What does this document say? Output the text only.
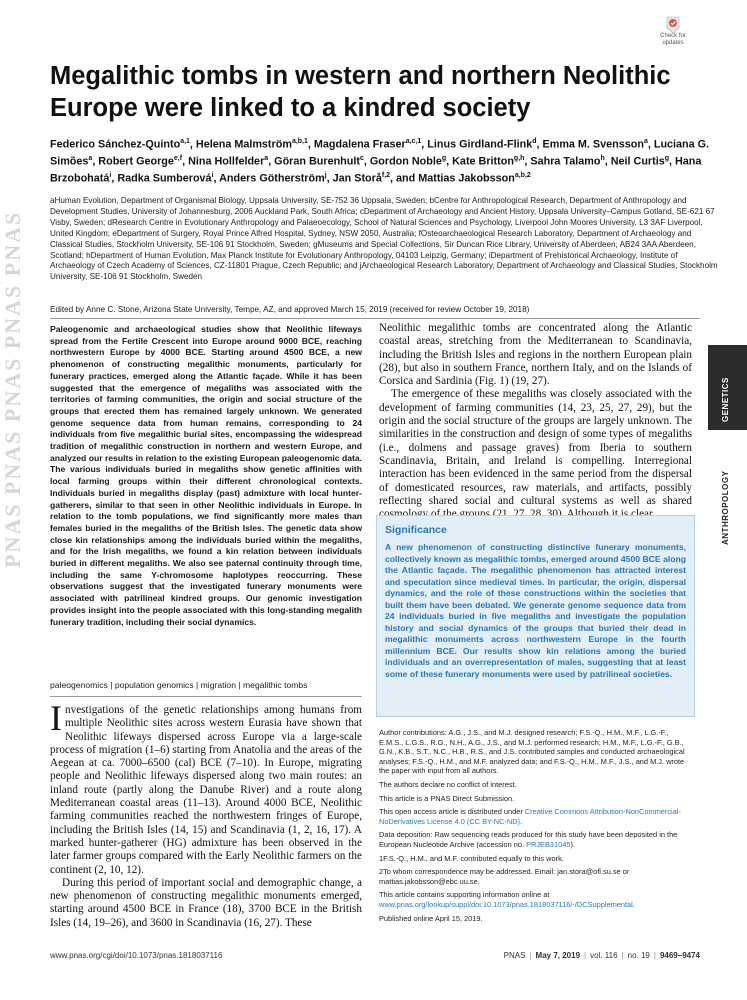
PNAS PNAS PNAS PNAS PNAS
Check for
updates
Megalithic tombs in western and northern Neolithic Europe were linked to a kindred society
Federico Sánchez-Quinto$^{a,1}$, Helena Malmström$^{a,b,1}$, Magdalena Fraser$^{a,c,1}$, Linus Girdland-Flink$^d$, Emma M. Svensson$^a$, Luciana G. Simões$^a$, Robert George$^{e,f}$, Nina Hollfelder$^a$, Göran Burenhult$^c$, Gordon Noble$^g$, Kate Britton$^{g,h}$, Sahra Talamo$^h$, Neil Curtis$^g$, Hana Brzobohatá$^i$, Radka Sumberová$^i$, Anders Götherström$^j$, Jan Storå$^{f,2}$, and Mattias Jakobsson$^{a,b,2}$

aHuman Evolution, Department of Organismal Biology, Uppsala University, SE-752 36 Uppsala, Sweden; bCentre for Anthropological Research, Department of Anthropology and Development Studies, University of Johannesburg, 2006 Auckland Park, South Africa; cDepartment of Archaeology and Ancient History, Uppsala University–Campus Gotland, SE-621 67 Visby, Sweden; dResearch Centre in Evolutionary Anthropology and Palaeoecology, School of Natural Sciences and Psychology, Liverpool John Moores University, L3 3AF Liverpool, United Kingdom; eDepartment of Surgery, Royal Prince Alfred Hospital, Sydney, NSW 2050, Australia; fOsteoarchaeological Research Laboratory, Department of Archaeology and Classical Studies, Stockholm University, SE-106 91 Stockholm, Sweden; gMuseums and Special Collections, Sir Duncan Rice Library, University of Aberdeen, AB24 3AA Aberdeen, Scotland; hDepartment of Human Evolution, Max Planck Institute for Evolutionary Anthropology, 04103 Leipzig, Germany; iDepartment of Prehistorical Archaeology, Institute of Archaeology of Czech Academy of Sciences, CZ-11801 Prague, Czech Republic; and jArchaeological Research Laboratory, Department of Archaeology and Classical Studies, Stockholm University, SE-106 91 Stockholm, Sweden

Edited by Anne C. Stone, Arizona State University, Tempe, AZ, and approved March 15, 2019 (received for review October 19, 2018)

Paleogenomic and archaeological studies show that Neolithic lifeways spread from the Fertile Crescent into Europe around 9000 BCE, reaching northwestern Europe by 4000 BCE. Starting around 4500 BCE, a new phenomenon of constructing megalithic monuments, particularly for funerary practices, emerged along the Atlantic façade. While it has been suggested that the emergence of megaliths was associated with the territories of farming communities, the origin and social structure of the groups that erected them has remained largely unknown. We generated genome sequence data from human remains, corresponding to 24 individuals from five megalithic burial sites, encompassing the widespread tradition of megalithic construction in northern and western Europe, and analyzed our results in relation to the existing European paleogenomic data. The various individuals buried in megaliths show genetic affinities with local farming groups within their different chronological contexts. Individuals buried in megaliths display (past) admixture with local hunter-gatherers, similar to that seen in other Neolithic individuals in Europe. In relation to the tomb populations, we find significantly more males than females buried in the megaliths of the British Isles. The genetic data show close kin relationships among the individuals buried within the megaliths, and for the Irish megaliths, we found a kin relation between individuals buried in different megaliths. We also see paternal continuity through time, including the same Y-chromosome haplotypes reoccurring. These observations suggest that the investigated funerary monuments were associated with patrilineal kindred groups. Our genomic investigation provides insight into the people associated with this long-standing megalith funerary tradition, including their social dynamics.

paleogenomics | population genomics | migration | megalithic tombs

Investigations of the genetic relationships among humans from multiple Neolithic sites across western Eurasia have shown that Neolithic lifeways dispersed across Europe via a large-scale process of migration (1–6) starting from Anatolia and the areas of the Aegean at ca. 7000–6500 (cal) BCE (7–10). In Europe, migrating people and Neolithic lifeways dispersed along two main routes: an inland route (partly along the Danube River) and a route along Mediterranean coastal areas (11–13). Around 4000 BCE, Neolithic farming communities reached the northwestern fringes of Europe, including the British Isles (14, 15) and Scandinavia (1, 2, 16, 17). A marked hunter-gatherer (HG) admixture has been observed in the later farmer groups compared with the Early Neolithic farmers on the continent (2, 10, 12).

During this period of important social and demographic change, a new phenomenon of constructing megalithic monuments emerged, starting around 4500 BCE in France (18), 3700 BCE in the British Isles (14, 19–26), and 3600 in Scandinavia (16, 27). These

Neolithic megalithic tombs are concentrated along the Atlantic coastal areas, stretching from the Mediterranean to Scandinavia, including the British Isles and regions in the northern European plain (28), but also in southern France, northern Italy, and on the Islands of Corsica and Sardinia (Fig. 1) (19, 27).

The emergence of these megaliths was closely associated with the development of farming communities (14, 23, 25, 27, 29), but the origin and the social structure of the groups are largely unknown. The similarities in the construction and design of some types of megaliths (i.e., dolmens and passage graves) from Iberia to southern Scandinavia, Britain, and Ireland is compelling. Interregional interaction has been evidenced in the same period from the dispersal of domesticated resources, raw materials, and artifacts, possibly reflecting shared social and cultural systems as well as shared

Significance

A new phenomenon of constructing distinctive funerary monuments, collectively known as megalithic tombs, emerged around 4500 BCE along the Atlantic façade. The megalithic phenomenon has attracted interest and speculation since medieval times. In particular, the origin, dispersal dynamics, and the role of these constructions within the societies that built them have been debated. We generate genome sequence data from 24 individuals buried in five megaliths and investigate the population history and social dynamics of the groups that buried their dead in megalithic monuments across northwestern Europe in the fourth millennium BCE. Our results show kin relations among the buried individuals and an overrepresentation of males, suggesting that at least some of these funerary monuments were used by patrilineal societies.

Author contributions: A.G., J.S., and M.J. designed research; F.S.-Q., H.M., M.F., L.G.-F., E.M.S., L.G.S., R.G., N.H., A.G., J.S., and M.J. performed research; H.M., M.F., L.G.-F., G.B., G.N., K.B., S.T., N.C., H.B., R.S., and J.S. contributed samples and conducted archaeological analyses; F.S.-Q., H.M., and M.F. analyzed data; and F.S.-Q., H.M., M.F., J.S., and M.J. wrote the paper with input from all authors.

The authors declare no conflict of interest.

This article is a PNAS Direct Submission.

This open access article is distributed under Creative Commons Attribution-NonCommercial-NoDerivatives License 4.0 (CC BY-NC-ND).

Data deposition: Raw sequencing reads produced for this study have been deposited in the European Nucleotide Archive (accession no. PRJEB31045).

1F.S.-Q., H.M., and M.F. contributed equally to this work.

2To whom correspondence may be addressed. Email: jan.stora@ofl.su.se or mattias.jakobsson@ebc.uu.se.

This article contains supporting information online at www.pnas.org/lookup/suppl/doi:10.1073/pnas.1818037116/-/DCSupplemental.

Published online April 15, 2019.

GENETICS
ANTHROPOLOGY
www.pnas.org/cgi/doi/10.1073/pnas.1818037116	PNAS | May 7, 2019 | vol. 116 | no. 19 | 9469–9474
